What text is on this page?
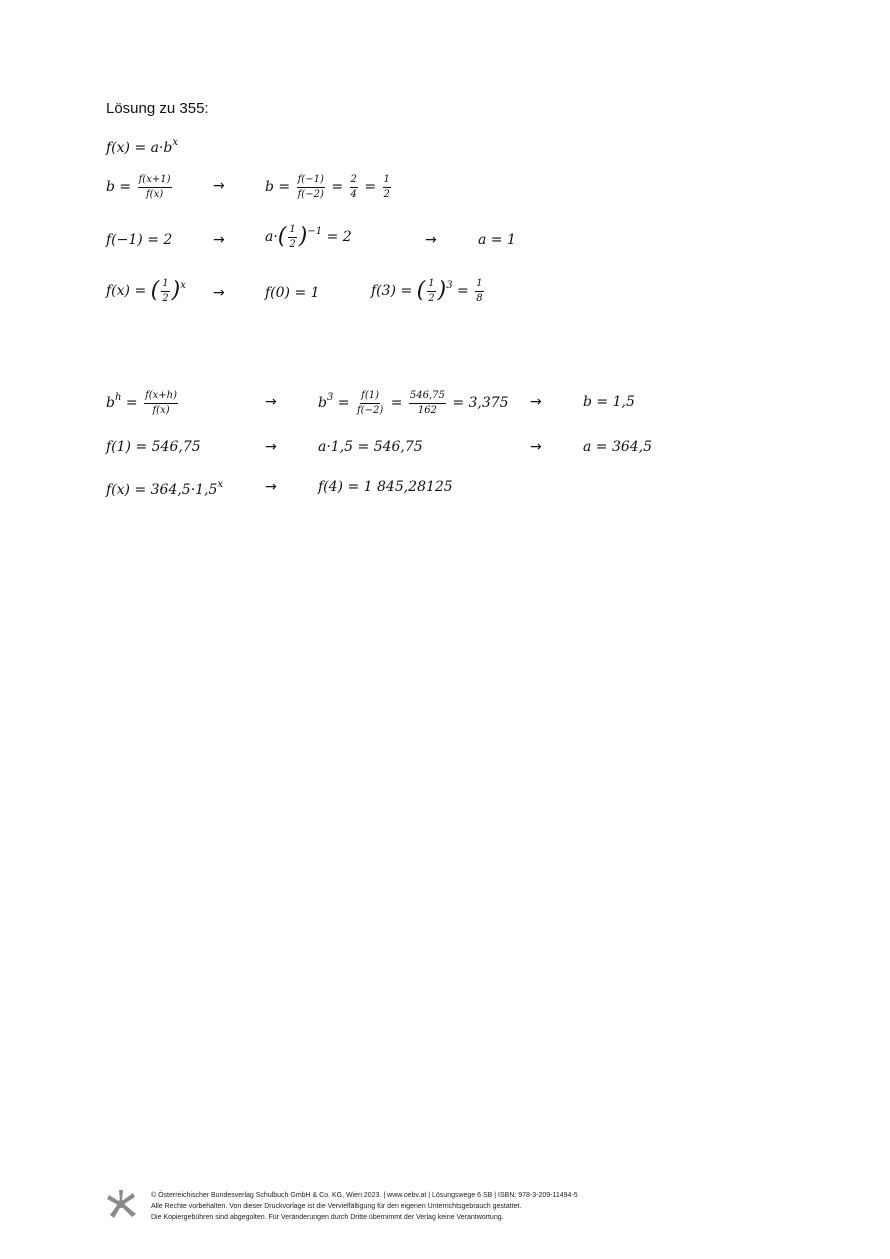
Lösung zu 355:
$f(x) = a\cdot b^x$
$b = \frac{f(x+1)}{f(x)}$	→	$b = \frac{f(-1)}{f(-2)} = \frac{2}{4} = \frac{1}{2}$
f(−1) = 2	→	$a\cdot( \frac{1}{2} )^{-1} = 2$	→	a = 1
f(x) = ( $\frac{1}{2} )^x$ →	f(0) = 1	f(3) = ( $\frac{1}{2} )^3 = \frac{1}{8}$
$b^h = \frac{f(x+h)}{f(x)}$	→	$b^3 = \frac{f(1)}{f(-2)} = \frac{546,75}{162} = 3,375$ →	b = 1,5
f(1) = 546,75	→	a·1,5 = 546,75	→	a = 364,5
$f(x) = 364,5\cdot 1,5^x$	→	f(4) = 1 845,28125
© Österreichischer Bundesverlag Schulbuch GmbH & Co. KG, Wien 2023. | www.oebv.at | Lösungswege 6 SB | ISBN: 978-3-209-11494-5
Alle Rechte vorbehalten. Von dieser Druckvorlage ist die Vervielfältigung für den eigenen Unterrichtsgebrauch gestattet.
Die Kopiergebühren sind abgegolten. Für Veränderungen durch Dritte übernimmt der Verlag keine Verantwortung.
